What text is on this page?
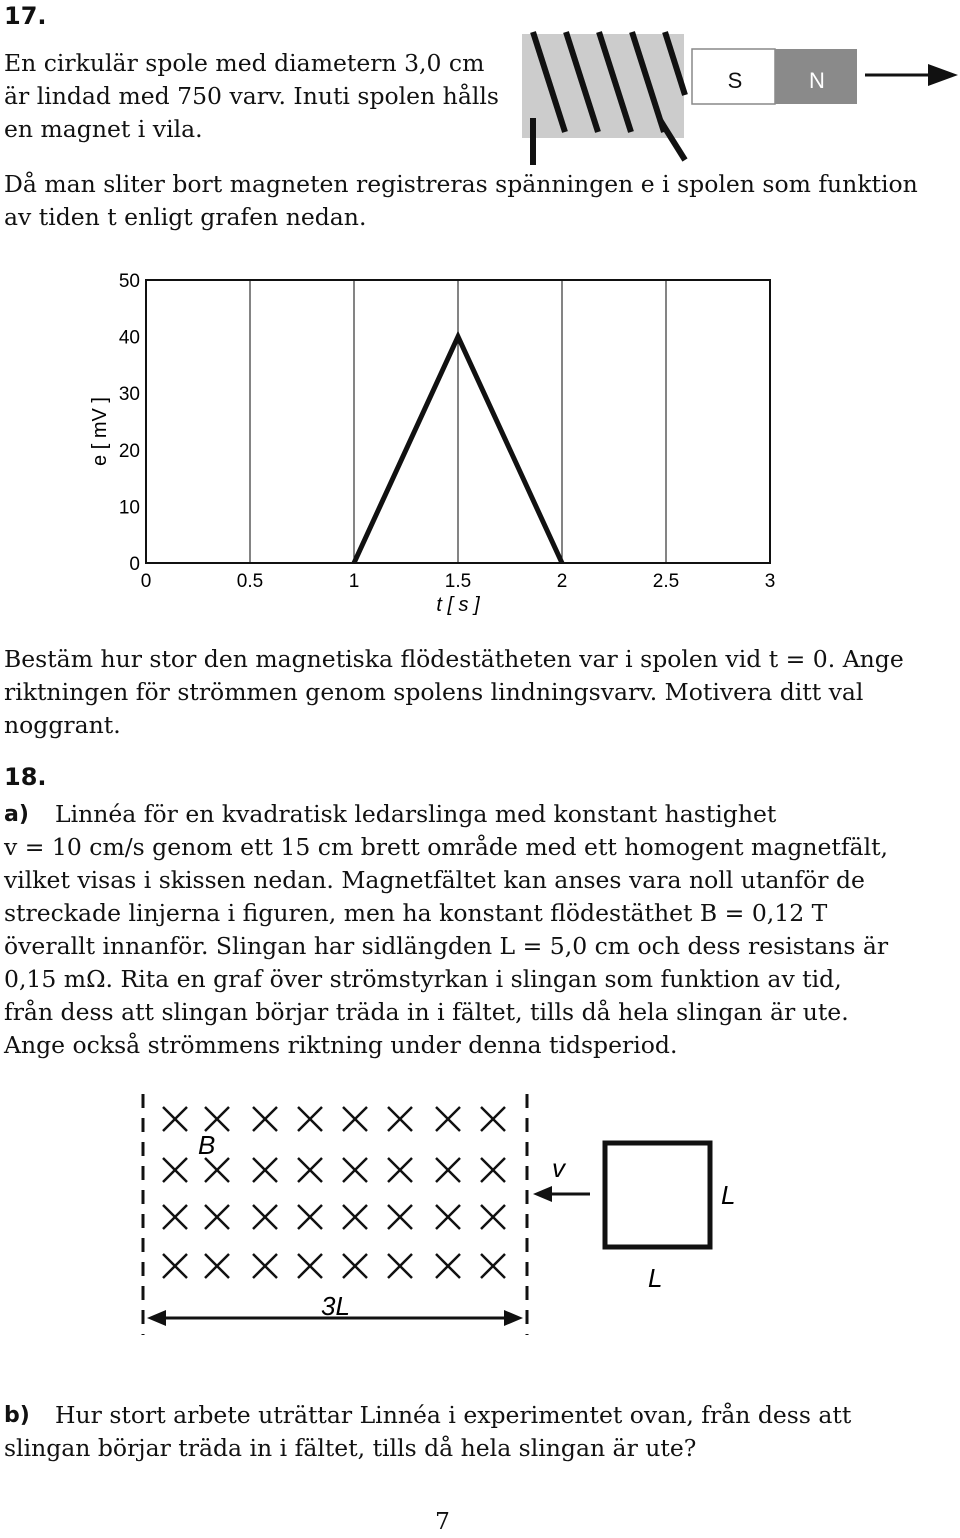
17.
En cirkulär spole med diametern 3,0 cm
är lindad med 750 varv. Inuti spolen hålls
en magnet i vila.
S	N
Då man sliter bort magneten registreras spänningen e i spolen som funktion
av tiden t enligt grafen nedan.
0	0.5	1	1.5	2	2.5	3
0
10
20
30
40
50
t [ s ]
e [ mV ]
Bestäm hur stor den magnetiska flödestätheten var i spolen vid t = 0. Ange
riktningen för strömmen genom spolens lindningsvarv. Motivera ditt val
noggrant.
18.
a) Linnéa för en kvadratisk ledarslinga med konstant hastighet
v = 10 cm/s genom ett 15 cm brett område med ett homogent magnetfält,
vilket visas i skissen nedan. Magnetfältet kan anses vara noll utanför de
streckade linjerna i figuren, men ha konstant flödestäthet B = 0,12 T
överallt innanför. Slingan har sidlängden L = 5,0 cm och dess resistans är
0,15 mΩ. Rita en graf över strömstyrkan i slingan som funktion av tid,
från dess att slingan börjar träda in i fältet, tills då hela slingan är ute.
Ange också strömmens riktning under denna tidsperiod.
B
3L
v
L
L
b) Hur stort arbete uträttar Linnéa i experimentet ovan, från dess att
slingan börjar träda in i fältet, tills då hela slingan är ute?
7
